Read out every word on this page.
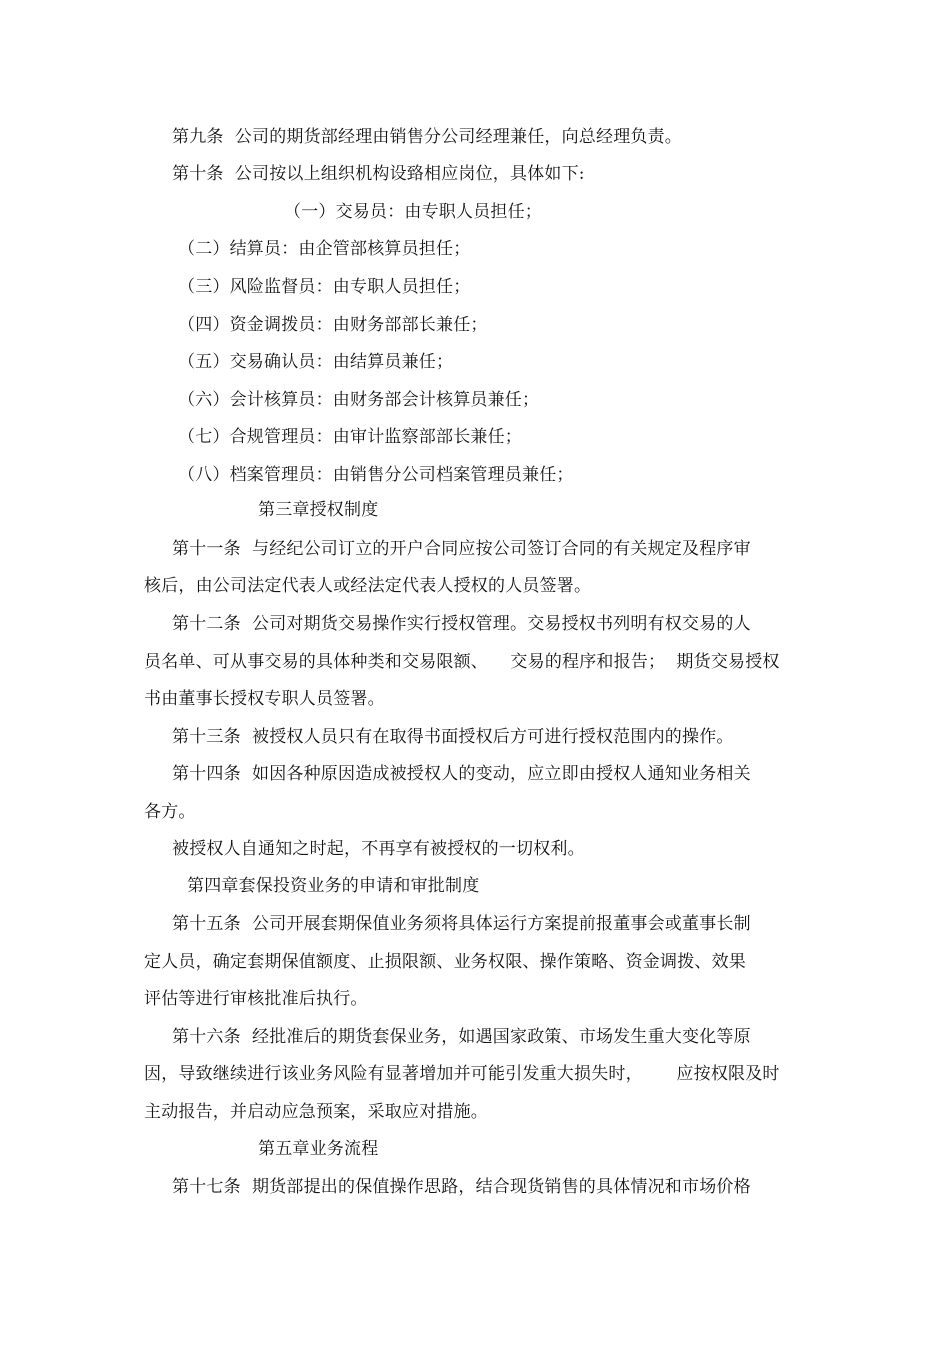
第九条  公司的期货部经理由销售分公司经理兼任，向总经理负责。
第十条  公司按以上组织机构设臵相应岗位，具体如下:
（一）交易员：由专职人员担任；
（二）结算员：由企管部核算员担任；
（三）风险监督员：由专职人员担任；
（四）资金调拨员：由财务部部长兼任；
（五）交易确认员：由结算员兼任；
（六）会计核算员：由财务部会计核算员兼任；
（七）合规管理员：由审计监察部部长兼任；
（八）档案管理员：由销售分公司档案管理员兼任；
第三章授权制度
第十一条  与经纪公司订立的开户合同应按公司签订合同的有关规定及程序审
核后，由公司法定代表人或经法定代表人授权的人员签署。
第十二条  公司对期货交易操作实行授权管理。交易授权书列明有权交易的人
员名单、可从事交易的具体种类和交易限额、    交易的程序和报告；  期货交易授权
书由董事长授权专职人员签署。
第十三条  被授权人员只有在取得书面授权后方可进行授权范围内的操作。
第十四条  如因各种原因造成被授权人的变动，应立即由授权人通知业务相关
各方。
被授权人自通知之时起，不再享有被授权的一切权利。
第四章套保投资业务的申请和审批制度
第十五条  公司开展套期保值业务须将具体运行方案提前报董事会或董事长制
定人员，确定套期保值额度、止损限额、业务权限、操作策略、资金调拨、效果
评估等进行审核批准后执行。
第十六条  经批准后的期货套保业务，如遇国家政策、市场发生重大变化等原
因，导致继续进行该业务风险有显著增加并可能引发重大损失时，      应按权限及时
主动报告，并启动应急预案，采取应对措施。
第五章业务流程
第十七条  期货部提出的保值操作思路，结合现货销售的具体情况和市场价格
